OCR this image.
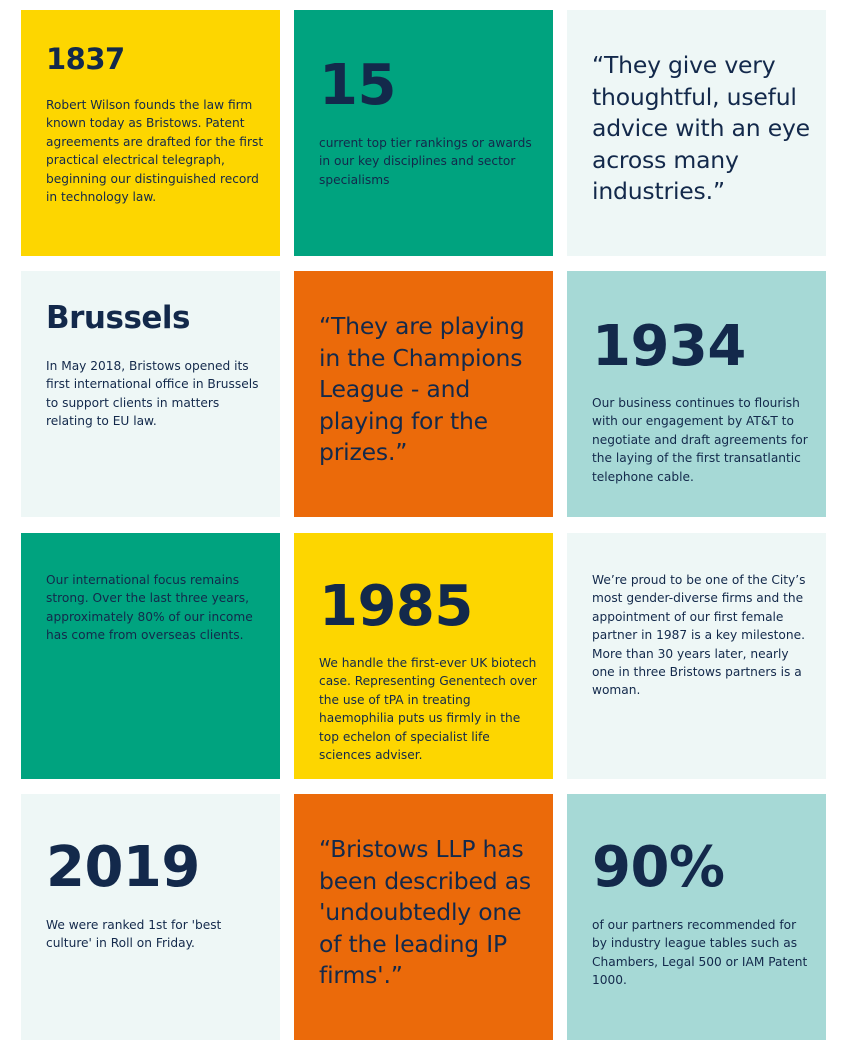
1837

Robert Wilson founds the law firm known today as Bristows. Patent agreements are drafted for the first practical electrical telegraph, beginning our distinguished record in technology law.

15

current top tier rankings or awards in our key disciplines and sector specialisms

“They give very thoughtful, useful advice with an eye across many industries.”

Brussels

In May 2018, Bristows opened its first international office in Brussels to support clients in matters relating to EU law.

“They are playing in the Champions League - and playing for the prizes.”

1934

Our business continues to flourish with our engagement by AT&T to negotiate and draft agreements for the laying of the first transatlantic telephone cable.

Our international focus remains strong. Over the last three years, approximately 80% of our income has come from overseas clients.	1985

We handle the first-ever UK biotech case. Representing Genentech over the use of tPA in treating haemophilia puts us firmly in the top echelon of specialist life sciences adviser.

We’re proud to be one of the City’s most gender-diverse firms and the appointment of our first female partner in 1987 is a key milestone. More than 30 years later, nearly one in three Bristows partners is a woman.

2019

We were ranked 1st for 'best culture' in Roll on Friday.

“Bristows LLP has been described as 'undoubtedly one of the leading IP firms'.”

90%

of our partners recommended for by industry league tables such as Chambers, Legal 500 or IAM Patent 1000.
